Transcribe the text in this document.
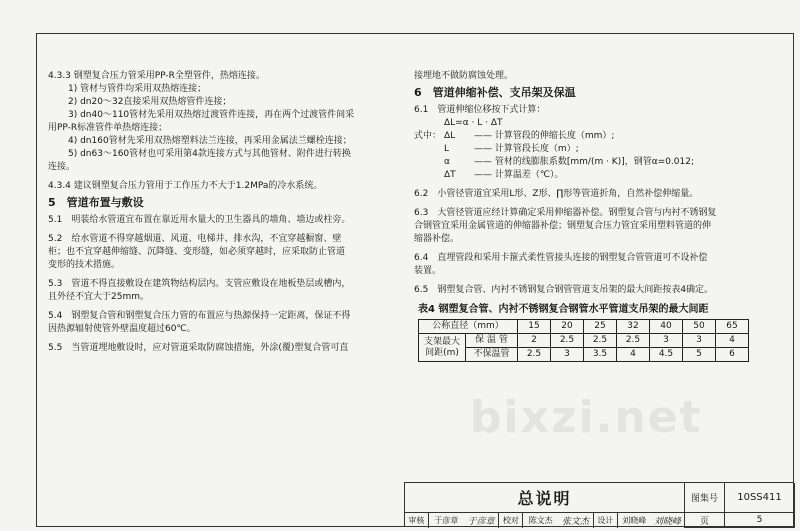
4.3.3 钢塑复合压力管采用PP-R全塑管件，热熔连接。
1) 管材与管件均采用双热熔连接；
2) dn20～32直接采用双热熔管件连接；
3) dn40～110管材先采用双热熔过渡管件连接，再在两个过渡管件间采
用PP-R标准管件单热熔连接；
4) dn160管材先采用双热熔塑料法兰连接，再采用金属法兰螺栓连接；
5) dn63～160管材也可采用第4款连接方式与其他管材、附件进行转换
连接。
4.3.4 建议钢塑复合压力管用于工作压力不大于1.2MPa的冷水系统。
5　管道布置与敷设
5.1　明装给水管道宜布置在靠近用水量大的卫生器具的墙角、墙边或柱旁。
5.2　给水管道不得穿越烟道、风道、电梯井、排水沟，不宜穿越橱窗、壁
柜；也不宜穿越伸缩缝、沉降缝、变形缝，如必须穿越时，应采取防止管道
变形的技术措施。
5.3　管道不得直接敷设在建筑物结构层内。支管应敷设在地板垫层或槽内，
且外径不宜大于25mm。
5.4　钢塑复合管和钢塑复合压力管的布置应与热源保持一定距离，保证不得
因热源辐射使管外壁温度超过60℃。
5.5　当管道埋地敷设时，应对管道采取防腐蚀措施，外涂(覆)塑复合管可直
接埋地不做防腐蚀处理。
6　管道伸缩补偿、支吊架及保温
6.1　管道伸缩位移按下式计算：
ΔL=α · L · ΔT
式中： ΔL	—— 计算管段的伸缩长度（mm）;
L	—— 计算管段长度（m）;
α	—— 管材的线膨胀系数[mm/(m · K)]，钢管α=0.012;
ΔT	—— 计算温差（℃）。
6.2　小管径管道宜采用L形、Z形、∏形等管道折角，自然补偿伸缩量。
6.3　大管径管道应经计算确定采用伸缩器补偿。钢塑复合管与内衬不锈钢复
合钢管宜采用金属管道的伸缩器补偿；钢塑复合压力管宜采用塑料管道的伸
缩器补偿。
6.4　直埋管段和采用卡箍式柔性管接头连接的钢塑复合管管道可不设补偿
装置。
6.5　钢塑复合管、内衬不锈钢复合钢管管道支吊架的最大间距按表4确定。
表4 钢塑复合管、内衬不锈钢复合钢管水平管道支吊架的最大间距
公称直径（mm）		15	20	25	32	40	50	65
支架最大间距(m)	保 温 管	2	2.5	2.5	2.5	3	3	4
	不保温管	2.5	3	3.5	4	4.5	5	6
bixzi.net
总说明	图集号	10SS411
页	5
审核	于彦章	于彦章	校对	陈文杰	张文杰	设计	刘晓峰 刘晓峰
